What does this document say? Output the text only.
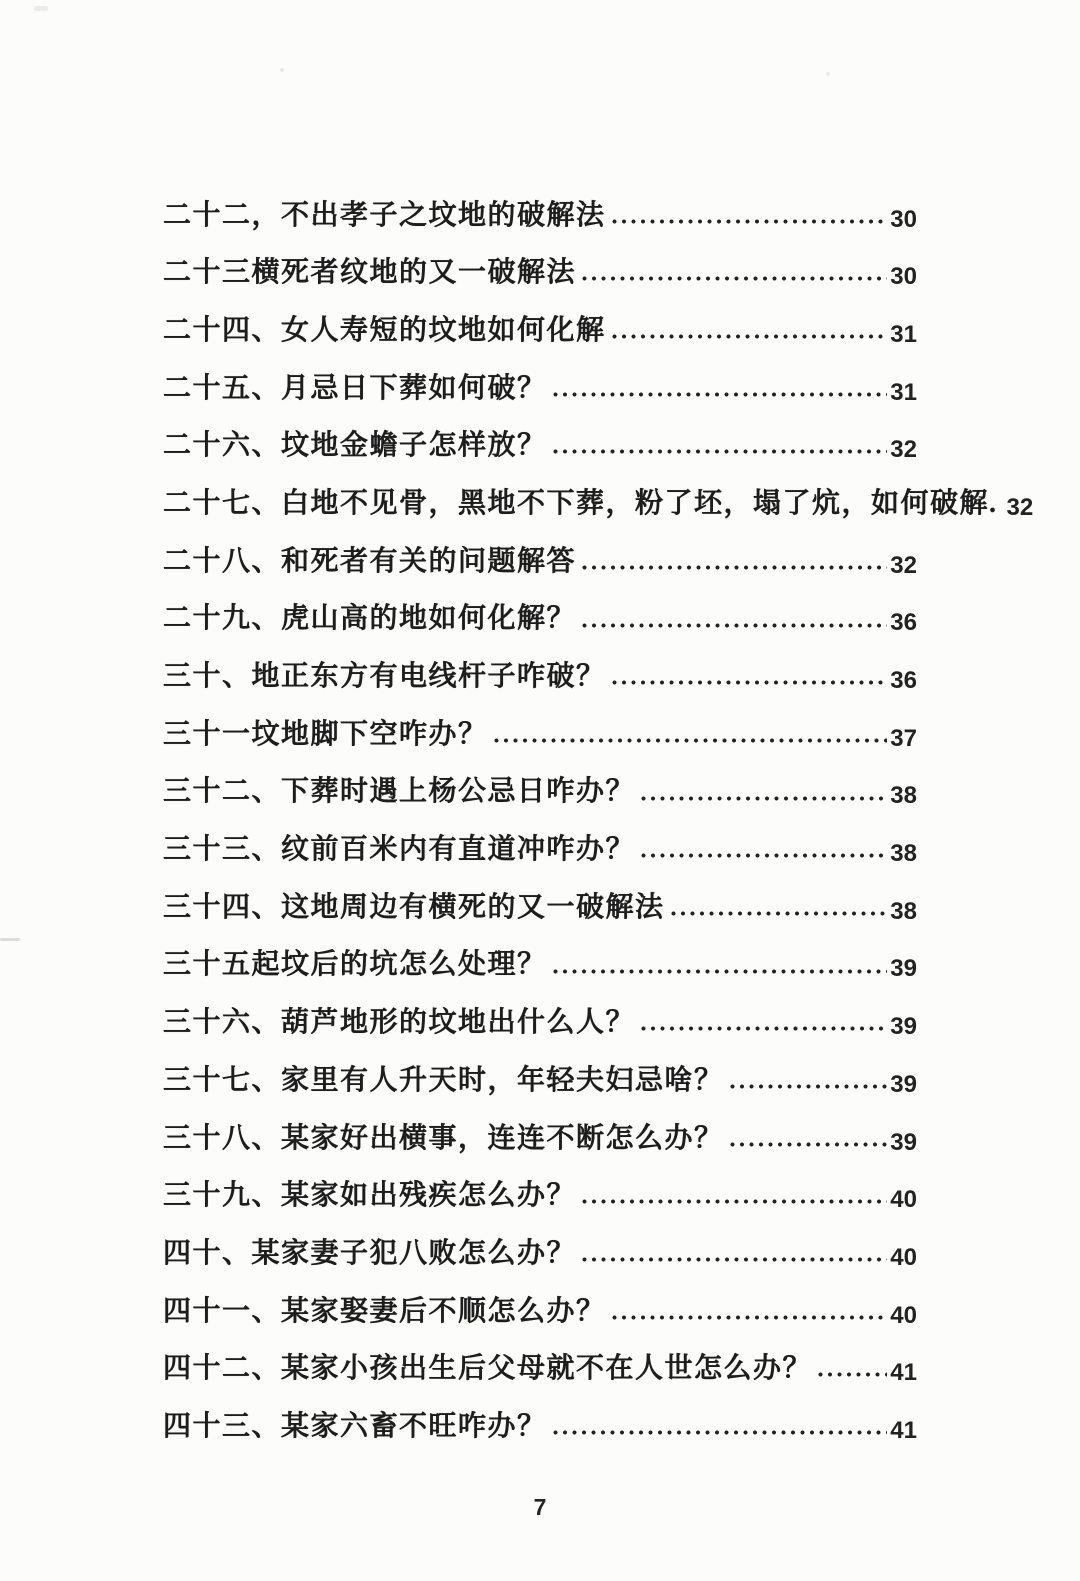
二十二，不出孝子之坟地的破解法	30
二十三横死者纹地的又一破解法	30
二十四、女人寿短的坟地如何化解	31
二十五、月忌日下葬如何破？	31
二十六、坟地金蟾子怎样放？	32
二十七、白地不见骨，黑地不下葬，粉了坯，塌了炕，如何破解. 32
二十八、和死者有关的问题解答	32
二十九、虎山高的地如何化解？	36
三十、地正东方有电线杆子咋破？	36
三十一坟地脚下空咋办？	37
三十二、下葬时遇上杨公忌日咋办？	38
三十三、纹前百米内有直道冲咋办？	38
三十四、这地周边有横死的又一破解法	38
三十五起坟后的坑怎么处理？	39
三十六、葫芦地形的坟地出什么人？	39
三十七、家里有人升天时，年轻夫妇忌啥？	39
三十八、某家好出横事，连连不断怎么办？	39
三十九、某家如出残疾怎么办？	40
四十、某家妻子犯八败怎么办？	40
四十一、某家娶妻后不顺怎么办？	40
四十二、某家小孩出生后父母就不在人世怎么办？	41
四十三、某家六畜不旺咋办？	41
7
